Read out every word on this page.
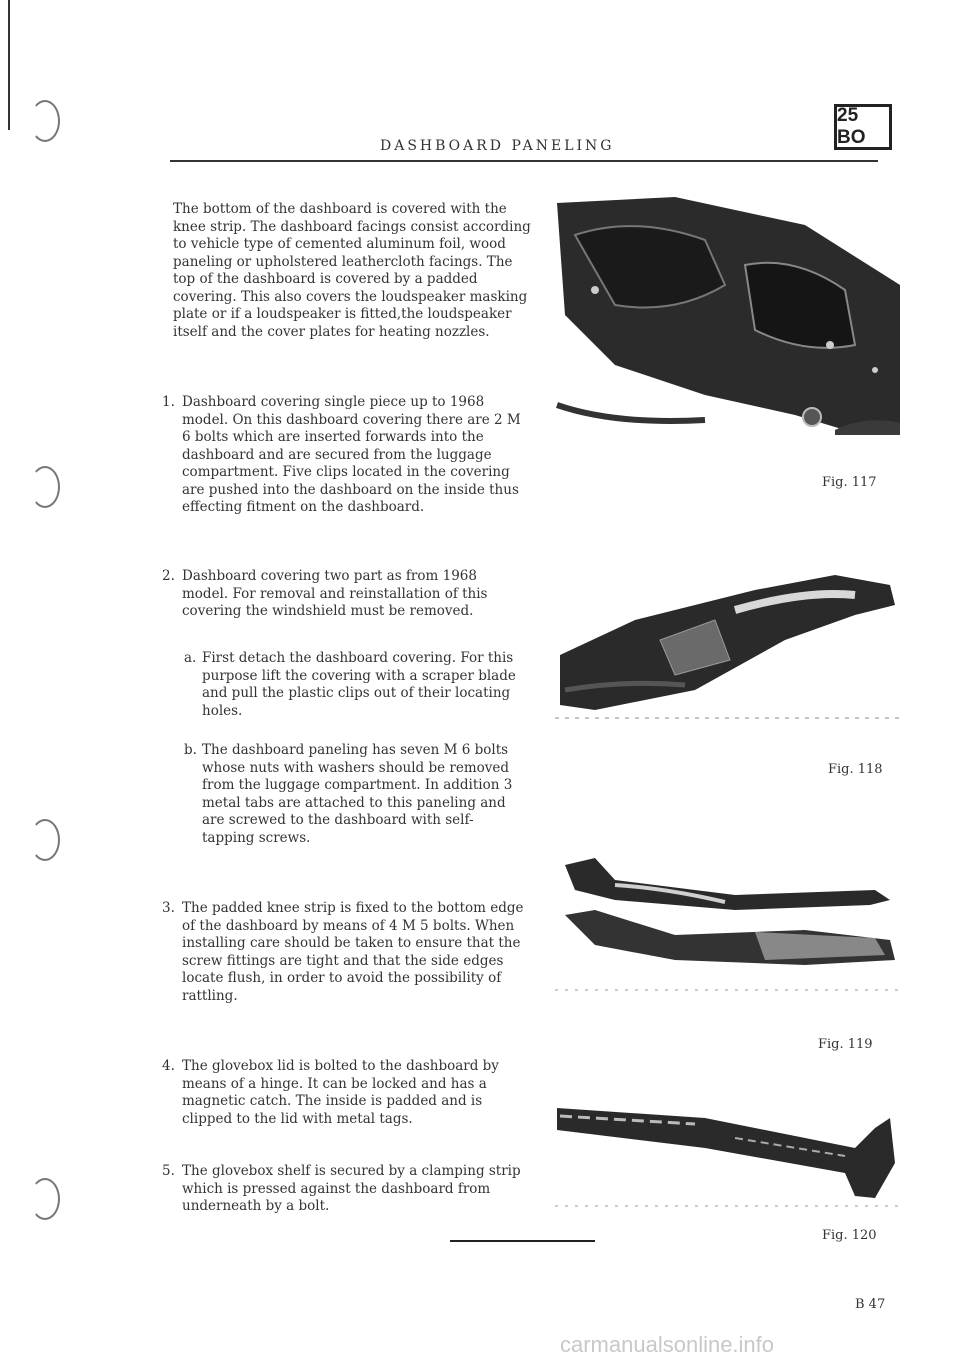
DASHBOARD PANELING
25 BO
The bottom of the dashboard is covered with the knee strip. The dashboard facings consist according to vehicle type of cemented aluminum foil, wood paneling or upholstered leathercloth facings. The top of the dashboard is covered by a padded covering. This also covers the loudspeaker masking plate or if a loudspeaker is fitted,the loudspeaker itself and the cover plates for heating nozzles.
1. Dashboard covering single piece up to 1968 model. On this dashboard covering there are 2 M 6 bolts which are inserted forwards into the dashboard and are secured from the luggage compartment. Five clips located in the covering are pushed into the dashboard on the inside thus effecting fitment on the dashboard.
2. Dashboard covering two part as from 1968 model. For removal and reinstallation of this covering the windshield must be removed.
a. First detach the dashboard covering. For this purpose lift the covering with a scraper blade and pull the plastic clips out of their locating holes.
b. The dashboard paneling has seven M 6 bolts whose nuts with washers should be removed from the luggage compartment. In addition 3 metal tabs are attached to this paneling and are screwed to the dashboard with self-tapping screws.
3. The padded knee strip is fixed to the bottom edge of the dashboard by means of 4 M 5 bolts. When installing care should be taken to ensure that the screw fittings are tight and that the side edges locate flush, in order to avoid the possibility of rattling.
4. The glovebox lid is bolted to the dashboard by means of a hinge. It can be locked and has a magnetic catch. The inside is padded and is clipped to the lid with metal tags.
5. The glovebox shelf is secured by a clamping strip which is pressed against the dashboard from underneath by a bolt.
Fig. 117
Fig. 118
Fig. 119
Fig. 120
B 47
carmanualsonline.info
